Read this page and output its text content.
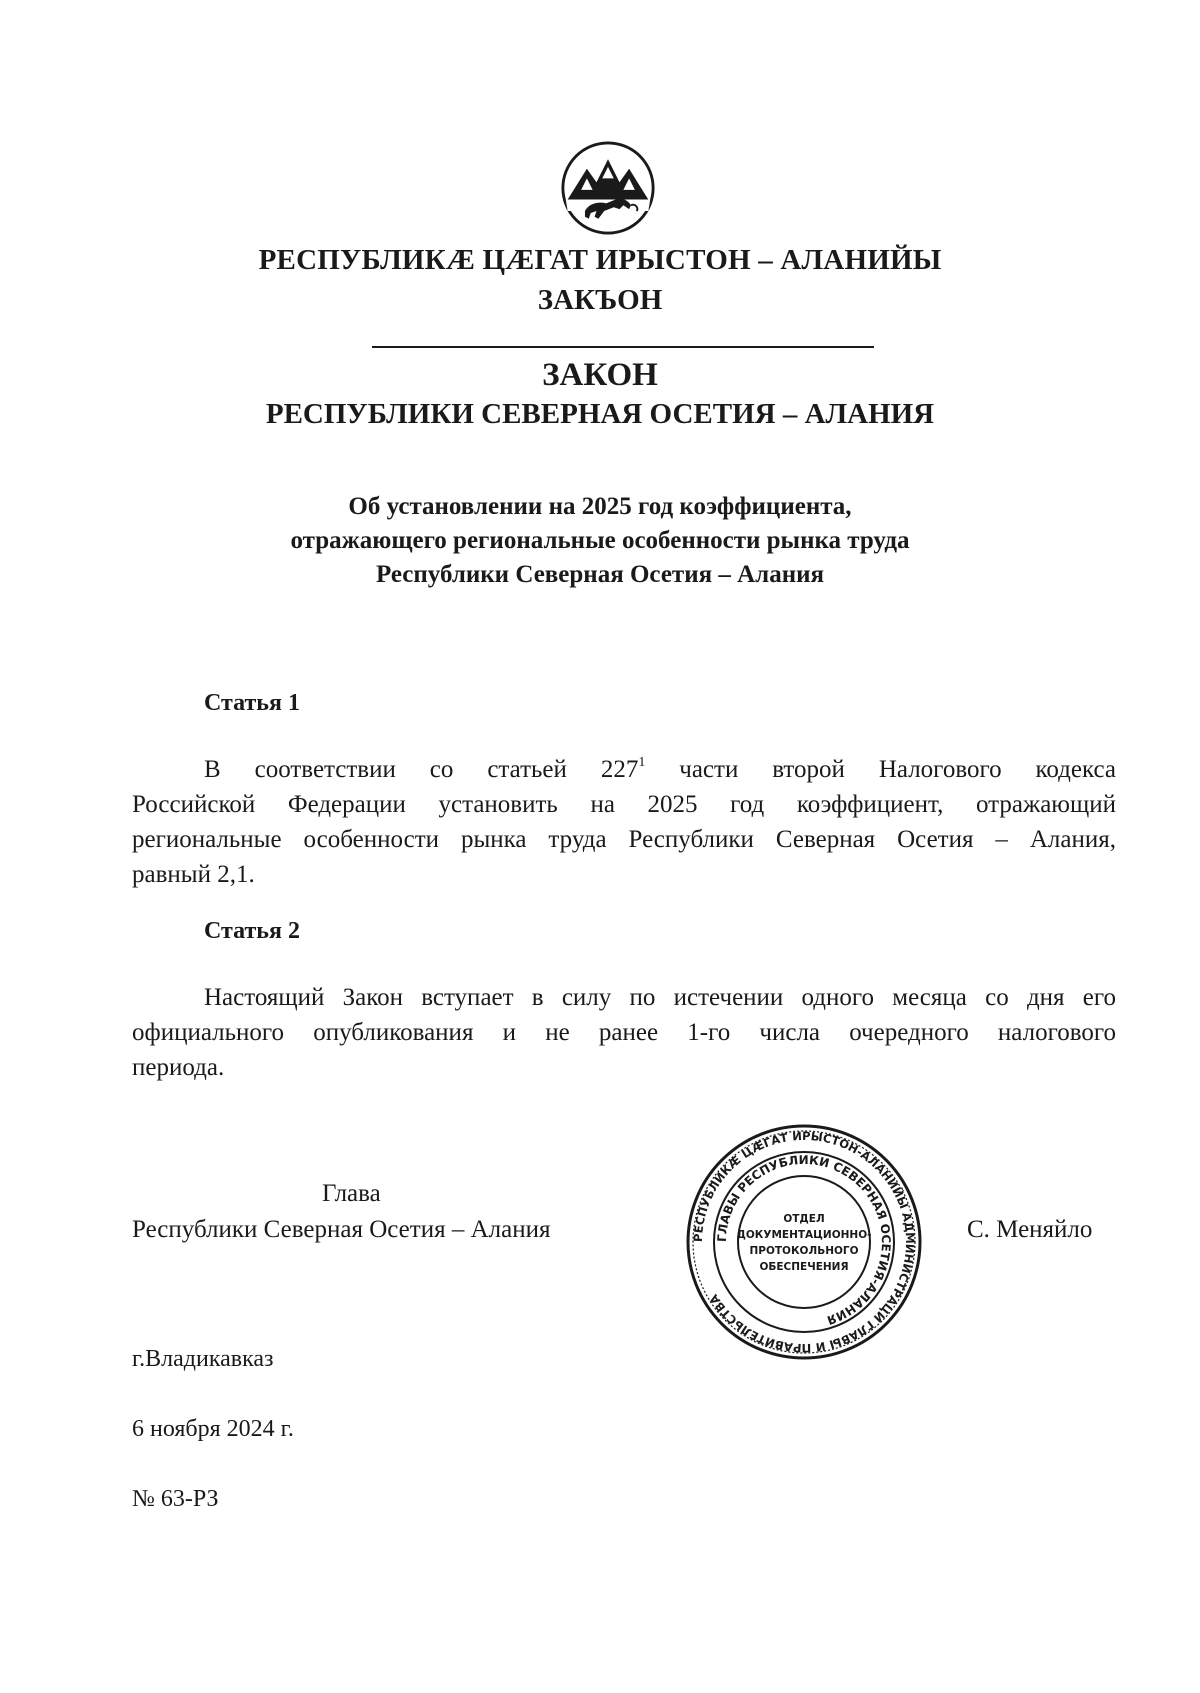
РЕСПУБЛИКÆ ЦÆГАТ ИРЫСТОН – АЛАНИЙЫ
ЗАКЪОН
ЗАКОН
РЕСПУБЛИКИ СЕВЕРНАЯ ОСЕТИЯ – АЛАНИЯ
Об установлении на 2025 год коэффициента,
отражающего региональные особенности рынка труда
Республики Северная Осетия – Алания
Статья 1
В соответствии со статьей $227^1$ части второй Налогового кодекса
Российской Федерации установить на 2025 год коэффициент, отражающий
региональные особенности рынка труда Республики Северная Осетия – Алания,
равный 2,1.
Статья 2
Настоящий Закон вступает в силу по истечении одного месяца со дня его
официального опубликования и не ранее 1-го числа очередного налогового
периода.
Глава
Республики Северная Осетия – Алания	С. Меняйло
РЕСПУБЛИКÆ ЦÆГАТ ИРЫСТОН-АЛАНИЙЫ АДМИНИСТРАЦИ ГЛАВЫ И ПРАВИТЕЛЬСТВА
ГЛАВЫ РЕСПУБЛИКИ СЕВЕРНАЯ ОСЕТИЯ-АЛАНИЯ
ОТДЕЛ
ДОКУМЕНТАЦИОННО-
ПРОТОКОЛЬНОГО
ОБЕСПЕЧЕНИЯ
г.Владикавказ
6 ноября 2024 г.
№ 63-РЗ
